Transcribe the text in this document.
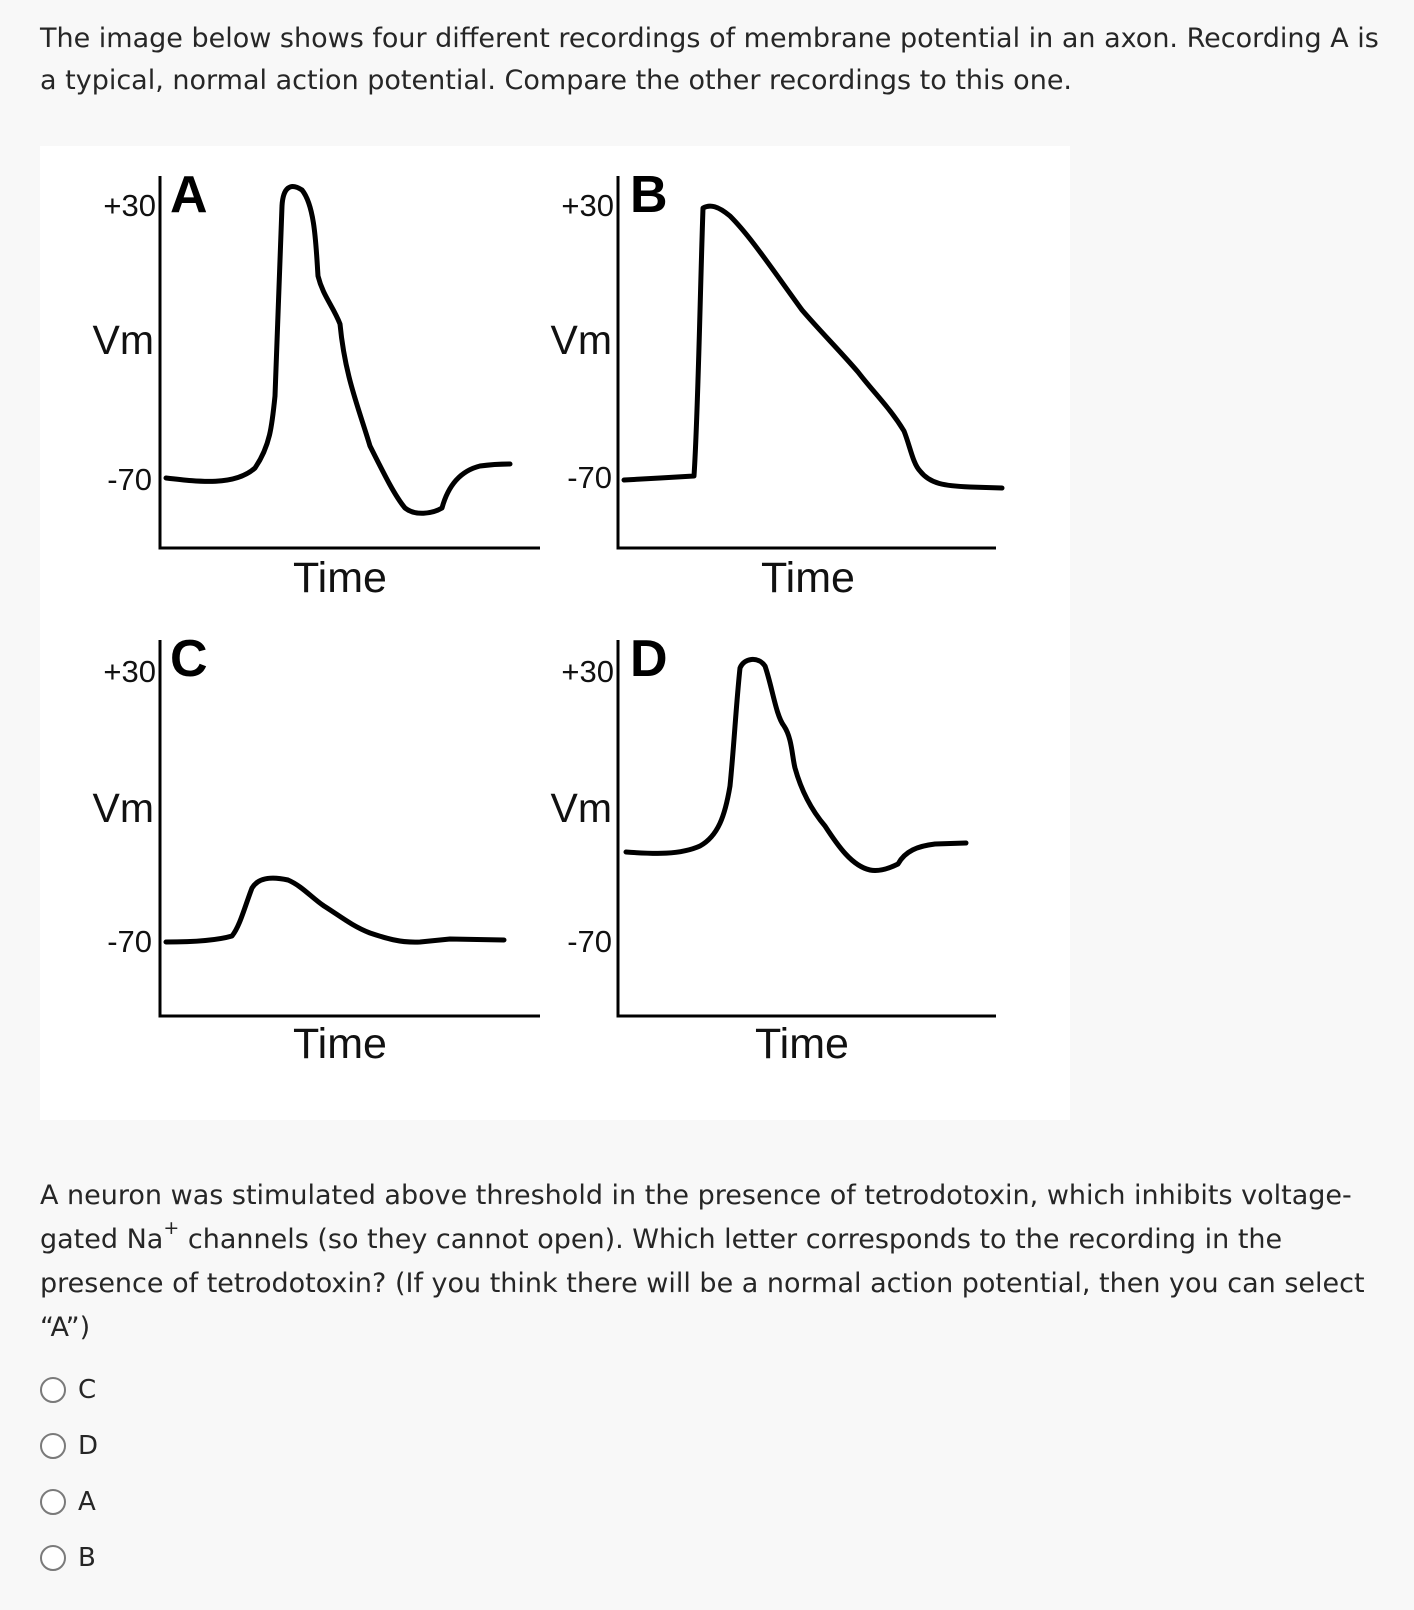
The image below shows four different recordings of membrane potential in an axon. Recording A is a typical, normal action potential. Compare the other recordings to this one.

A
+30
Vm
-70
Time
B
+30
Vm
-70
Time
C
+30
Vm
-70
Time
D
+30
Vm
-70
Time

A neuron was stimulated above threshold in the presence of tetrodotoxin, which inhibits voltage-gated Na+ channels (so they cannot open). Which letter corresponds to the recording in the presence of tetrodotoxin? (If you think there will be a normal action potential, then you can select “A”)

C
D
A
B
